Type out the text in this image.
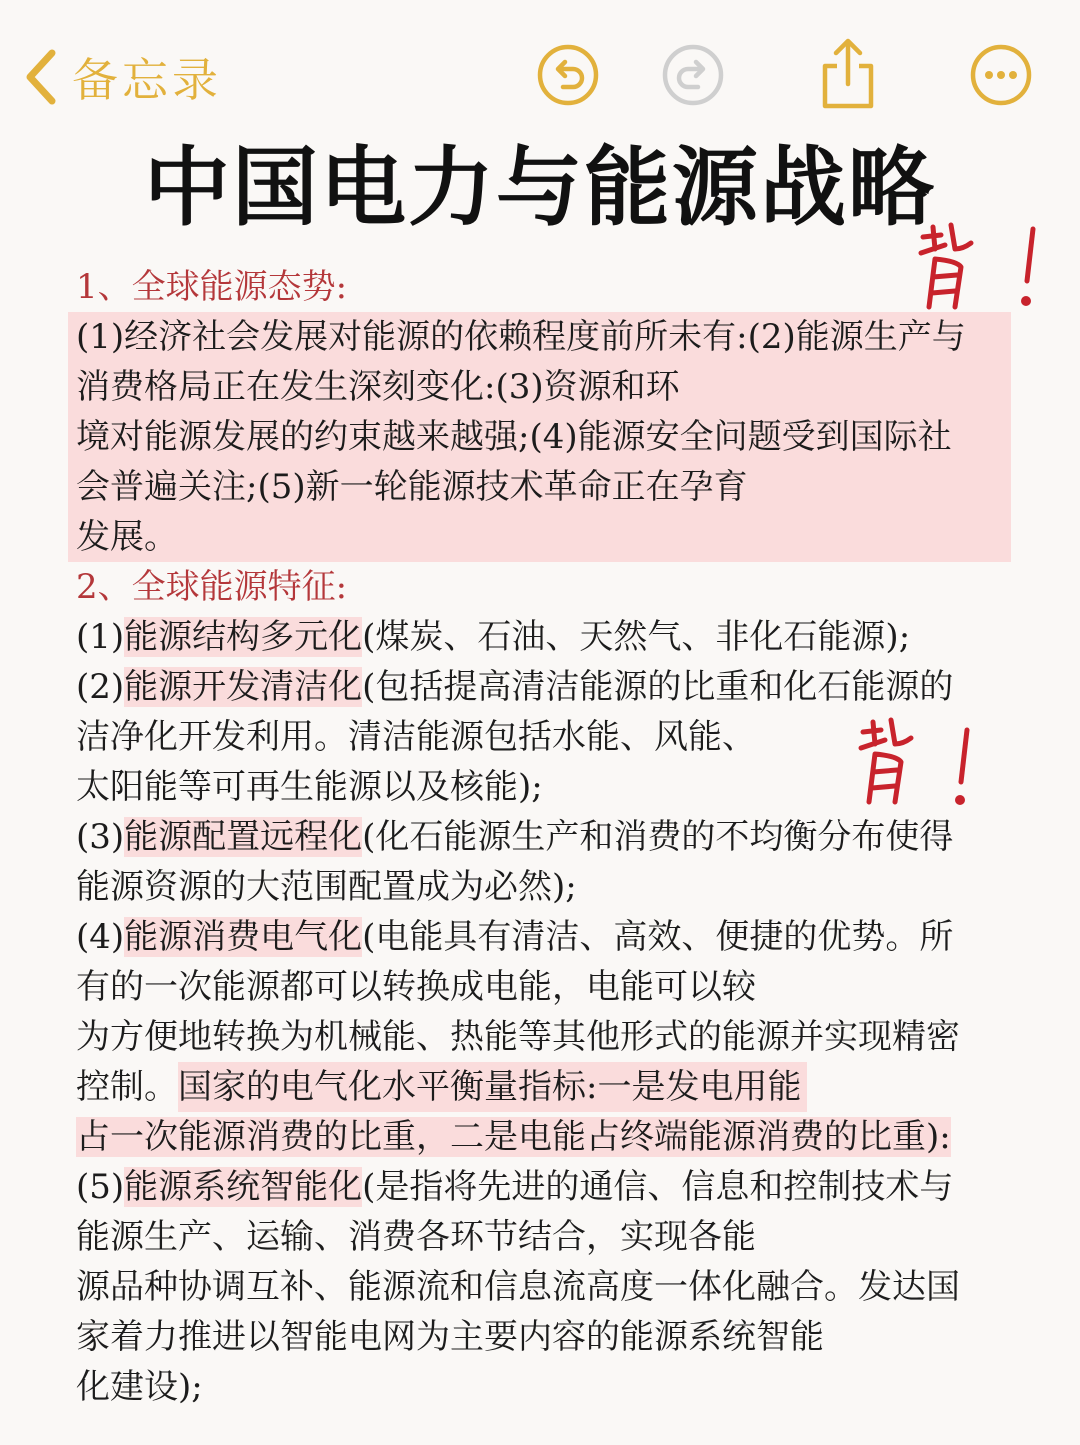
备忘录
中国电力与能源战略
1、全球能源态势:
(1)经济社会发展对能源的依赖程度前所未有:(2)能源生产与
消费格局正在发生深刻变化:(3)资源和环
境对能源发展的约束越来越强;(4)能源安全问题受到国际社
会普遍关注;(5)新一轮能源技术革命正在孕育
发展。
2、全球能源特征:
(1)能源结构多元化(煤炭、石油、天然气、非化石能源);
(2)能源开发清洁化(包括提高清洁能源的比重和化石能源的
洁净化开发利用。清洁能源包括水能、风能、
太阳能等可再生能源以及核能);
(3)能源配置远程化(化石能源生产和消费的不均衡分布使得
能源资源的大范围配置成为必然);
(4)能源消费电气化(电能具有清洁、高效、便捷的优势。所
有的一次能源都可以转换成电能，电能可以较
为方便地转换为机械能、热能等其他形式的能源并实现精密
控制。国家的电气化水平衡量指标:一是发电用能
占一次能源消费的比重，二是电能占终端能源消费的比重):
(5)能源系统智能化(是指将先进的通信、信息和控制技术与
能源生产、运输、消费各环节结合，实现各能
源品种协调互补、能源流和信息流高度一体化融合。发达国
家着力推进以智能电网为主要内容的能源系统智能
化建设);
